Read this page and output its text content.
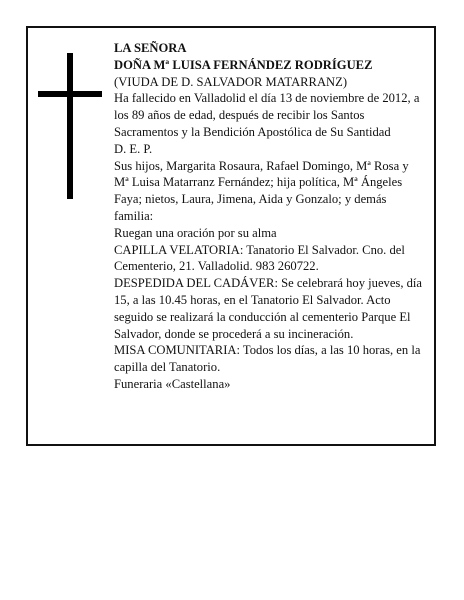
LA SEÑORA

DOÑA Mª LUISA FERNÁNDEZ RODRÍGUEZ

(VIUDA DE D. SALVADOR MATARRANZ)

Ha fallecido en Valladolid el día 13 de noviembre de 2012, a los 89 años de edad, después de recibir los Santos Sacramentos y la Bendición Apostólica de Su Santidad

D. E. P.

Sus hijos, Margarita Rosaura, Rafael Domingo, Mª Rosa y Mª Luisa Matarranz Fernández; hija política, Mª Ángeles Faya; nietos, Laura, Jimena, Aida y Gonzalo; y demás familia:

Ruegan una oración por su alma

CAPILLA VELATORIA: Tanatorio El Salvador. Cno. del Cementerio, 21. Valladolid. 983 260722.

DESPEDIDA DEL CADÁVER: Se celebrará hoy jueves, día 15, a las 10.45 horas, en el Tanatorio El Salvador. Acto seguido se realizará la conducción al cementerio Parque El Salvador, donde se procederá a su incineración.

MISA COMUNITARIA: Todos los días, a las 10 horas, en la capilla del Tanatorio.

Funeraria «Castellana»
